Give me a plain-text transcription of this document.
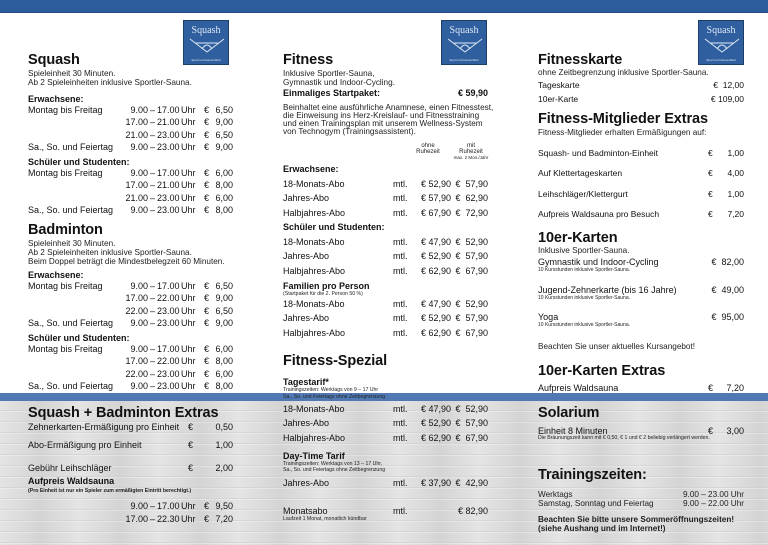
Squash
Sport und Gesundheit
Squash
Spieleinheit 30 Minuten.
Ab 2 Spieleinheiten inklusive Sportler-Sauna.
Erwachsene:
Schüler und Studenten:
Badminton
Spieleinheit 30 Minuten.
Ab 2 Spieleinheiten inklusive Sportler-Sauna.
Beim Doppel beträgt die Mindestbelegzeit 60 Minuten.
Erwachsene:
Schüler und Studenten:
Squash + Badminton Extras
Aufpreis Waldsauna
(Pro Einheit ist nur ein Spieler zum ermäßigten Eintritt berechtigt.)
Montag bis Freitag	9.00 – 17.00 Uhr € 6,50
17.00 – 21.00 Uhr € 9,00
21.00 – 23.00 Uhr € 6,50
Sa., So. und Feiertag	9.00 – 23.00 Uhr € 9,00
Montag bis Freitag	9.00 – 17.00 Uhr € 6,00
17.00 – 21.00 Uhr € 8,00
21.00 – 23.00 Uhr € 6,00
Sa., So. und Feiertag	9.00 – 23.00 Uhr € 8,00
Montag bis Freitag	9.00 – 17.00 Uhr € 6,50
17.00 – 22.00 Uhr € 9,00
22.00 – 23.00 Uhr € 6,50
Sa., So. und Feiertag	9.00 – 23.00 Uhr € 9,00
Montag bis Freitag	9.00 – 17.00 Uhr € 6,00
17.00 – 22.00 Uhr € 8,00
22.00 – 23.00 Uhr € 6,00
Sa., So. und Feiertag	9.00 – 23.00 Uhr € 8,00
Zehnerkarten-Ermäßigung pro Einheit € 0,50
Abo-Ermäßigung pro Einheit	€ 1,00
Gebühr Leihschläger	€ 2,00
9.00 – 17.00 Uhr € 9,50
17.00 – 22.30 Uhr € 7,20
Squash
Sport und Gesundheit
Fitness
Inklusive Sportler-Sauna,
Gymnastik und Indoor-Cycling.
Einmaliges Startpaket:	€ 59,90
Beinhaltet eine ausführliche Anamnese, einen Fitnesstest,
die Einweisung ins Herz-Kreislauf- und Fitnesstraining
und einen Trainingsplan mit unserem Wellness-System
von Technogym (Trainingsassistent).
ohne
Ruhezeit
mit
Ruhezeit
max. 2 Mon./Jahr
Erwachsene:
Schüler und Studenten:
Familien pro Person
(Startpaket für die 2. Person 50 %)
Fitness-Spezial
Tagestarif*
Trainingszeiten: Werktags von 9 – 17 Uhr
Sa., So. und Feiertags ohne Zeitbegrenzung
Day-Time Tarif
Trainingszeiten: Werktags von 13 – 17 Uhr,
Sa., So. und Feiertags ohne Zeitbegrenzung
Monatsabo	mtl.	€ 82,90
Laufzeit 1 Monat, monatlich kündbar
18-Monats-Abo	mtl.	€ 52,90 €  57,90
Jahres-Abo	mtl.	€ 57,90 €  62,90
Halbjahres-Abo	mtl.	€ 67,90 €  72,90
18-Monats-Abo	mtl.	€ 47,90 €  52,90
Jahres-Abo	mtl.	€ 52,90 €  57,90
Halbjahres-Abo	mtl.	€ 62,90 €  67,90
18-Monats-Abo	mtl.	€ 47,90 €  52,90
Jahres-Abo	mtl.	€ 52,90 €  57,90
Halbjahres-Abo	mtl.	€ 62,90 €  67,90
18-Monats-Abo	mtl.	€ 47,90 €  52,90
Jahres-Abo	mtl.	€ 52,90 €  57,90
Halbjahres-Abo	mtl.	€ 62,90 €  67,90
Jahres-Abo	mtl.	€ 37,90 €  42,90
Squash
Sport und Gesundheit
Fitnesskarte
ohne Zeitbegrenzung inklusive Sportler-Sauna.
Fitness-Mitglieder Extras
Fitness-Mitglieder erhalten Ermäßigungen auf:
10er-Karten
Inklusive Sportler-Sauna.
Beachten Sie unser aktuelles Kursangebot!
10er-Karten Extras
Solarium
Einheit 8 Minuten	€ 3,00
Die Bräunungszeit kann mit € 0,50, € 1 und € 2 beliebig verlängert werden.
Trainingszeiten:
Werktags	9.00 – 23.00 Uhr
Samstag, Sonntag und Feiertag	9.00 – 22.00 Uhr
Beachten Sie bitte unsere Sommeröffnungszeiten!
(siehe Aushang und im Internet!)
Tageskarte	€  12,00
10er-Karte	€ 109,00
Squash- und Badminton-Einheit	€ 1,00
Auf Klettertageskarten	€ 4,00
Leihschläger/Klettergurt	€ 1,00
Aufpreis Waldsauna pro Besuch	€ 7,20
Gymnastik und Indoor-Cycling
10 Kursstunden inklusive Sportler-Sauna.
€  82,00
Jugend-Zehnerkarte (bis 16 Jahre)
10 Kursstunden inklusive Sportler-Sauna.
€  49,00
Yoga
10 Kursstunden inklusive Sportler-Sauna.
€  95,00
Aufpreis Waldsauna	€ 7,20
